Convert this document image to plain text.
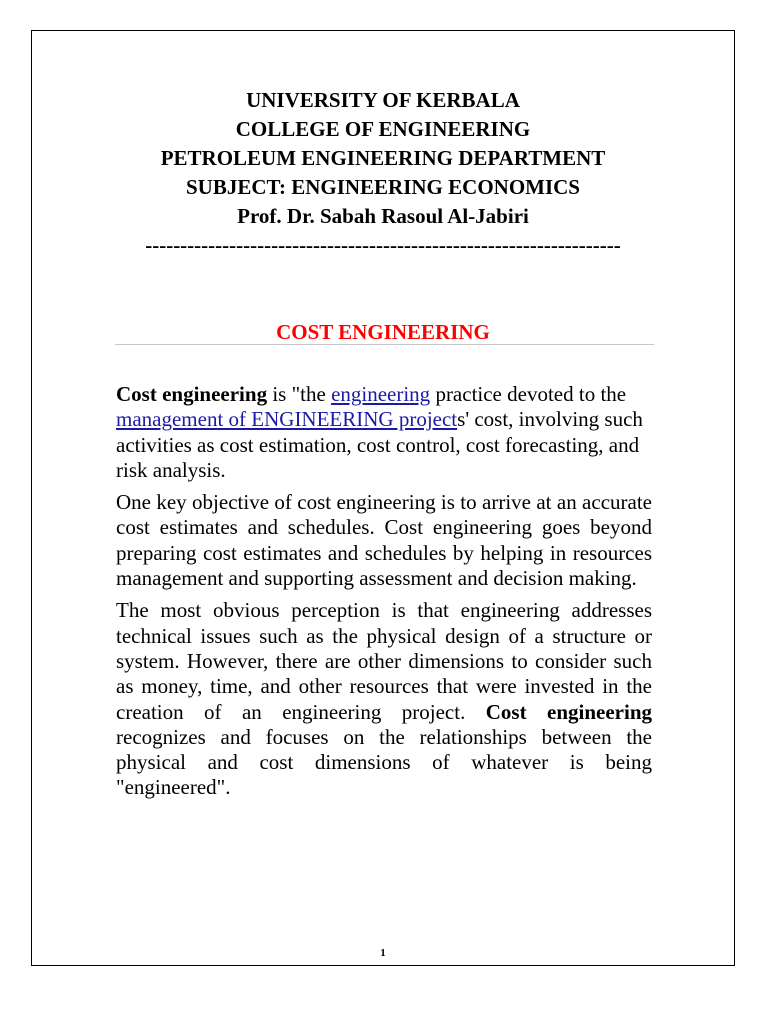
UNIVERSITY OF KERBALA
COLLEGE OF ENGINEERING
PETROLEUM ENGINEERING DEPARTMENT
SUBJECT: ENGINEERING ECONOMICS
Prof. Dr. Sabah Rasoul Al-Jabiri
--------------------------------------------------------------------
COST ENGINEERING

Cost engineering is "the engineering practice devoted to the management of ENGINEERING projects' cost, involving such activities as cost estimation, cost control, cost forecasting, and risk analysis.

One key objective of cost engineering is to arrive at an accurate cost estimates and schedules. Cost engineering goes beyond preparing cost estimates and schedules by helping in resources management and supporting assessment and decision making.

The most obvious perception is that engineering addresses technical issues such as the physical design of a structure or system. However, there are other dimensions to consider such as money, time, and other resources that were invested in the creation of an engineering project. Cost engineering recognizes and focuses on the relationships between the physical and cost dimensions of whatever is being "engineered".

1
